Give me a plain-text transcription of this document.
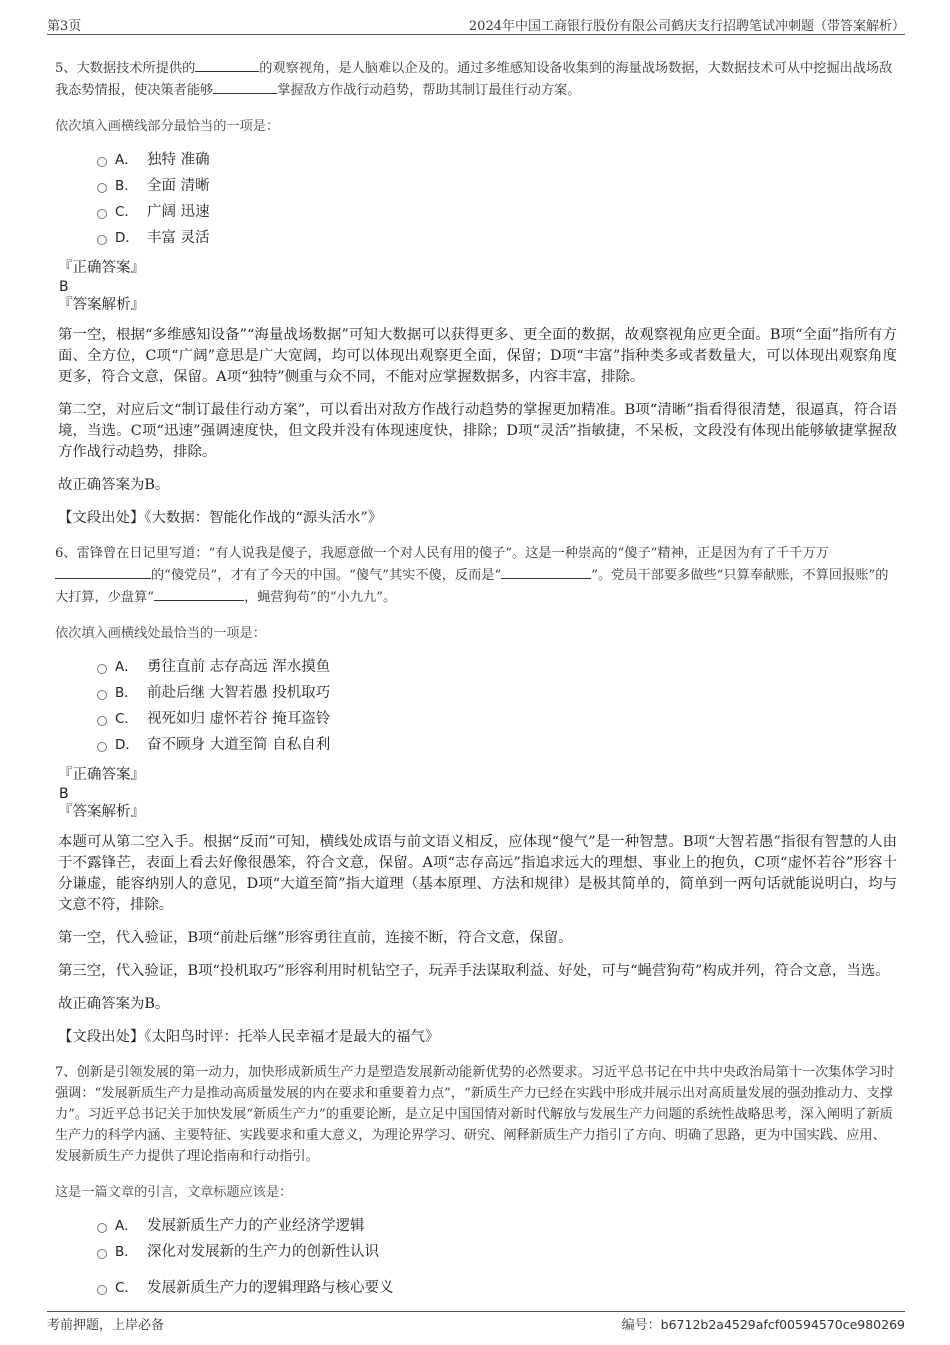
第3页	2024年中国工商银行股份有限公司鹤庆支行招聘笔试冲刺题（带答案解析）

5、大数据技术所提供的	的观察视角，是人脑难以企及的。通过多维感知设备收集到的海量战场数据，大数据技术可从中挖掘出战场敌我态势情报，使决策者能够	掌握敌方作战行动趋势，帮助其制订最佳行动方案。

依次填入画横线部分最恰当的一项是：

A． 独特 准确
B． 全面 清晰
C． 广阔 迅速
D． 丰富 灵活
『正确答案』
B
『答案解析』

第一空，根据“多维感知设备”“海量战场数据”可知大数据可以获得更多、更全面的数据，故观察视角应更全面。B项“全面”指所有方面、全方位，C项“广阔”意思是广大宽阔，均可以体现出观察更全面，保留；D项“丰富”指种类多或者数量大，可以体现出观察角度更多，符合文意，保留。A项“独特”侧重与众不同，不能对应掌握数据多，内容丰富，排除。

第二空，对应后文“制订最佳行动方案”，可以看出对敌方作战行动趋势的掌握更加精准。B项“清晰”指看得很清楚，很逼真，符合语境，当选。C项“迅速”强调速度快，但文段并没有体现速度快，排除；D项“灵活”指敏捷，不呆板，文段没有体现出能够敏捷掌握敌方作战行动趋势，排除。

故正确答案为B。

【文段出处】《大数据：智能化作战的“源头活水”》

6、雷锋曾在日记里写道：“有人说我是傻子，我愿意做一个对人民有用的傻子”。这是一种崇高的“傻子”精神，正是因为有了千千万万的“傻党员”，才有了今天的中国。“傻气”其实不傻，反而是“	”。党员干部要多做些“只算奉献账，不算回报账”的大打算，少盘算“	，蝇营狗苟”的“小九九”。

依次填入画横线处最恰当的一项是：

A． 勇往直前 志存高远 浑水摸鱼
B． 前赴后继 大智若愚 投机取巧
C． 视死如归 虚怀若谷 掩耳盗铃
D． 奋不顾身 大道至简 自私自利
『正确答案』
B
『答案解析』

本题可从第二空入手。根据“反而”可知，横线处成语与前文语义相反，应体现“傻气”是一种智慧。B项“大智若愚”指很有智慧的人由于不露锋芒，表面上看去好像很愚笨，符合文意，保留。A项“志存高远”指追求远大的理想、事业上的抱负，C项“虚怀若谷”形容十分谦虚，能容纳别人的意见，D项“大道至简”指大道理（基本原理、方法和规律）是极其简单的，简单到一两句话就能说明白，均与文意不符，排除。

第一空，代入验证，B项“前赴后继”形容勇往直前，连接不断，符合文意，保留。

第三空，代入验证，B项“投机取巧”形容利用时机钻空子，玩弄手法谋取利益、好处，可与“蝇营狗苟”构成并列，符合文意，当选。

故正确答案为B。

【文段出处】《太阳鸟时评：托举人民幸福才是最大的福气》

7、创新是引领发展的第一动力，加快形成新质生产力是塑造发展新动能新优势的必然要求。习近平总书记在中共中央政治局第十一次集体学习时强调：“发展新质生产力是推动高质量发展的内在要求和重要着力点”，“新质生产力已经在实践中形成并展示出对高质量发展的强劲推动力、支撑力”。习近平总书记关于加快发展“新质生产力”的重要论断，是立足中国国情对新时代解放与发展生产力问题的系统性战略思考，深入阐明了新质生产力的科学内涵、主要特征、实践要求和重大意义，为理论界学习、研究、阐释新质生产力指引了方向、明确了思路，更为中国实践、应用、发展新质生产力提供了理论指南和行动指引。

这是一篇文章的引言，文章标题应该是：

A． 发展新质生产力的产业经济学逻辑
B． 深化对发展新的生产力的创新性认识
C． 发展新质生产力的逻辑理路与核心要义
考前押题，上岸必备	编号：b6712b2a4529afcf00594570ce980269
